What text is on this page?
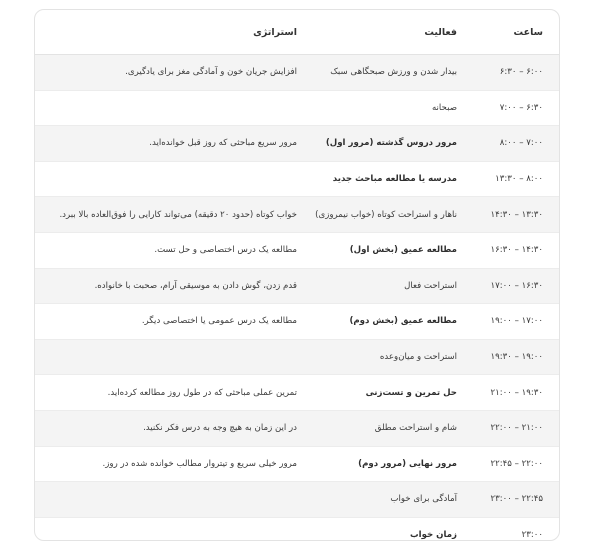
ساعت	فعالیت	استراتژی
۶:۰۰ – ۶:۳۰	بیدار شدن و ورزش صبحگاهی سبک	افزایش جریان خون و آمادگی مغز برای یادگیری.
۶:۳۰ – ۷:۰۰	صبحانه	
۷:۰۰ – ۸:۰۰	مرور دروس گذشته (مرور اول)	مرور سریع مباحثی که روز قبل خوانده‌اید.
۸:۰۰ – ۱۳:۳۰	مدرسه یا مطالعه مباحث جدید	
۱۳:۳۰ – ۱۴:۳۰	ناهار و استراحت کوتاه (خواب نیمروزی)	خواب کوتاه (حدود ۲۰ دقیقه) می‌تواند کارایی را فوق‌العاده بالا ببرد.
۱۴:۳۰ – ۱۶:۳۰	مطالعه عمیق (بخش اول)	مطالعه یک درس اختصاصی و حل تست.
۱۶:۳۰ – ۱۷:۰۰	استراحت فعال	قدم زدن، گوش دادن به موسیقی آرام، صحبت با خانواده.
۱۷:۰۰ – ۱۹:۰۰	مطالعه عمیق (بخش دوم)	مطالعه یک درس عمومی یا اختصاصی دیگر.
۱۹:۰۰ – ۱۹:۳۰	استراحت و میان‌وعده	
۱۹:۳۰ – ۲۱:۰۰	حل تمرین و تست‌زنی	تمرین عملی مباحثی که در طول روز مطالعه کرده‌اید.
۲۱:۰۰ – ۲۲:۰۰	شام و استراحت مطلق	در این زمان به هیچ وجه به درس فکر نکنید.
۲۲:۰۰ – ۲۲:۴۵	مرور نهایی (مرور دوم)	مرور خیلی سریع و تیتروار مطالب خوانده شده در روز.
۲۲:۴۵ – ۲۳:۰۰	آمادگی برای خواب	
۲۳:۰۰	زمان خواب	
